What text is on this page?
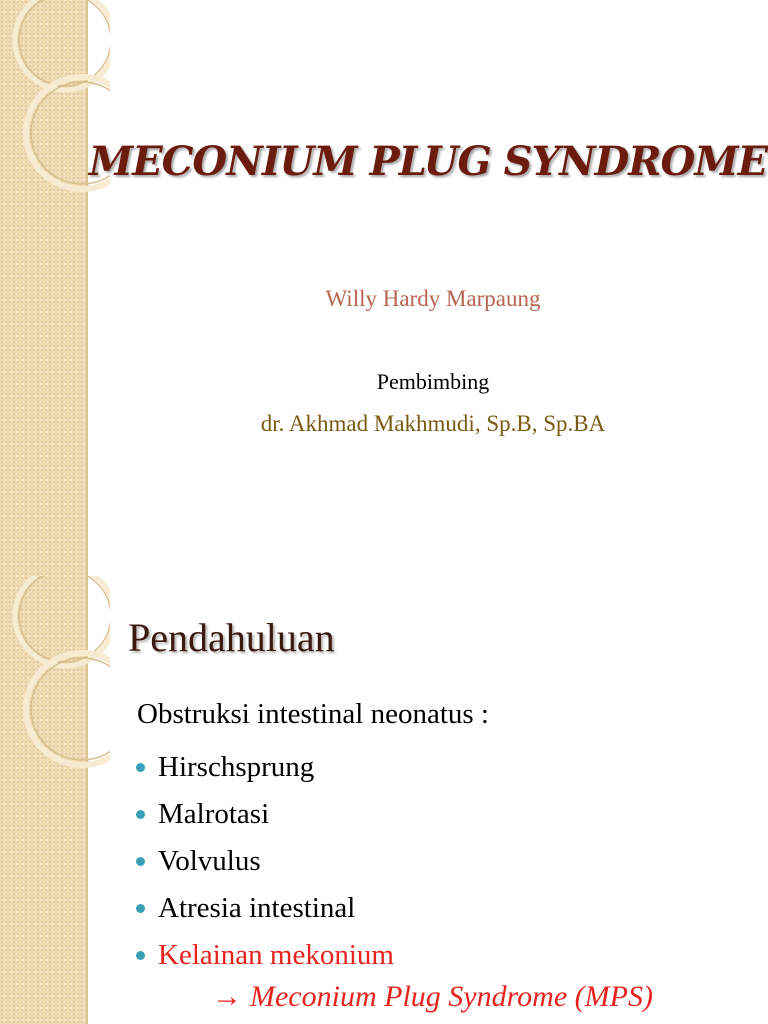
MECONIUM PLUG SYNDROME
Willy Hardy Marpaung
Pembimbing
dr. Akhmad Makhmudi, Sp.B, Sp.BA
Pendahuluan
Obstruksi intestinal neonatus :
Hirschsprung
Malrotasi
Volvulus
Atresia intestinal
Kelainan mekonium
→ Meconium Plug Syndrome (MPS)
